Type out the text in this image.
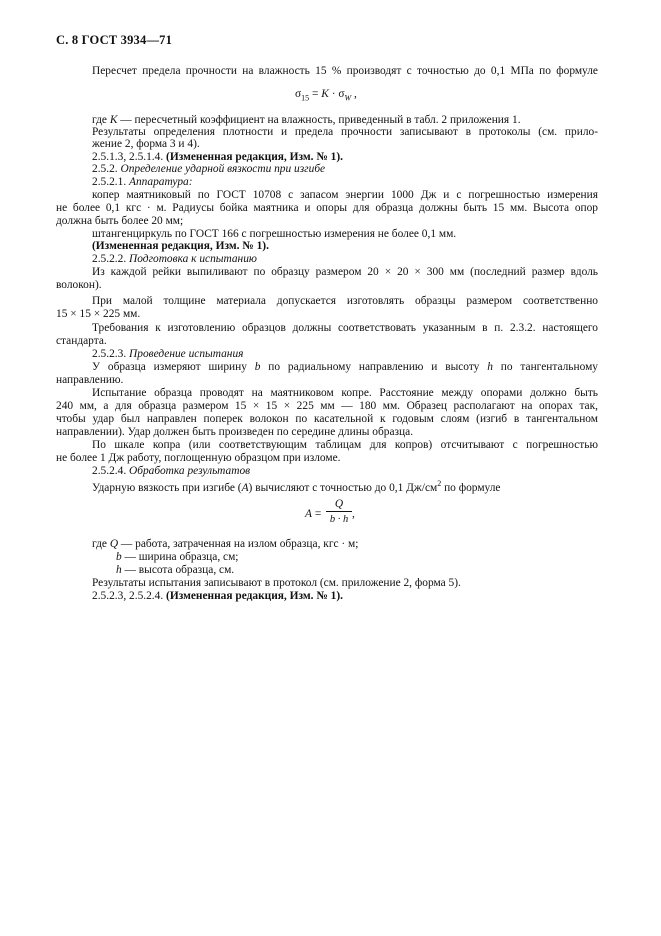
С. 8 ГОСТ 3934—71
Пересчет предела прочности на влажность 15 % производят с точностью до 0,1 МПа по формуле
$\sigma_{15} = K \cdot \sigma_W$ ,
где K — пересчетный коэффициент на влажность, приведенный в табл. 2 приложения 1.
Результаты определения плотности и предела прочности записывают в протоколы (см. прило-
жение 2, форма 3 и 4).
2.5.1.3, 2.5.1.4. (Измененная редакция, Изм. № 1).
2.5.2. Определение ударной вязкости при изгибе
2.5.2.1. Аппаратура:
копер маятниковый по ГОСТ 10708 с запасом энергии 1000 Дж и с погрешностью измерения
не более 0,1 кгс · м. Радиусы бойка маятника и опоры для образца должны быть 15 мм. Высота опор
должна быть более 20 мм;
штангенциркуль по ГОСТ 166 с погрешностью измерения не более 0,1 мм.
(Измененная редакция, Изм. № 1).
2.5.2.2. Подготовка к испытанию
Из каждой рейки выпиливают по образцу размером 20 × 20 × 300 мм (последний размер вдоль
волокон).
При малой толщине материала допускается изготовлять образцы размером соответственно
15 × 15 × 225 мм.
Требования к изготовлению образцов должны соответствовать указанным в п. 2.3.2. настоящего
стандарта.
2.5.2.3. Проведение испытания
У образца измеряют ширину b по радиальному направлению и высоту h по тангентальному
направлению.
Испытание образца проводят на маятниковом копре. Расстояние между опорами должно быть
240 мм, а для образца размером 15 × 15 × 225 мм — 180 мм. Образец располагают на опорах так,
чтобы удар был направлен поперек волокон по касательной к годовым слоям (изгиб в тангентальном
направлении). Удар должен быть произведен по середине длины образца.
По шкале копра (или соответствующим таблицам для копров) отсчитывают с погрешностью
не более 1 Дж работу, поглощенную образцом при изломе.
2.5.2.4. Обработка результатов
Ударную вязкость при изгибе (A) вычисляют с точностью до 0,1 $Дж/см^2$ по формуле
A =
Q
b · h ,
где Q — работа, затраченная на излом образца, кгс · м;
b — ширина образца, см;
h — высота образца, см.
Результаты испытания записывают в протокол (см. приложение 2, форма 5).
2.5.2.3, 2.5.2.4. (Измененная редакция, Изм. № 1).
